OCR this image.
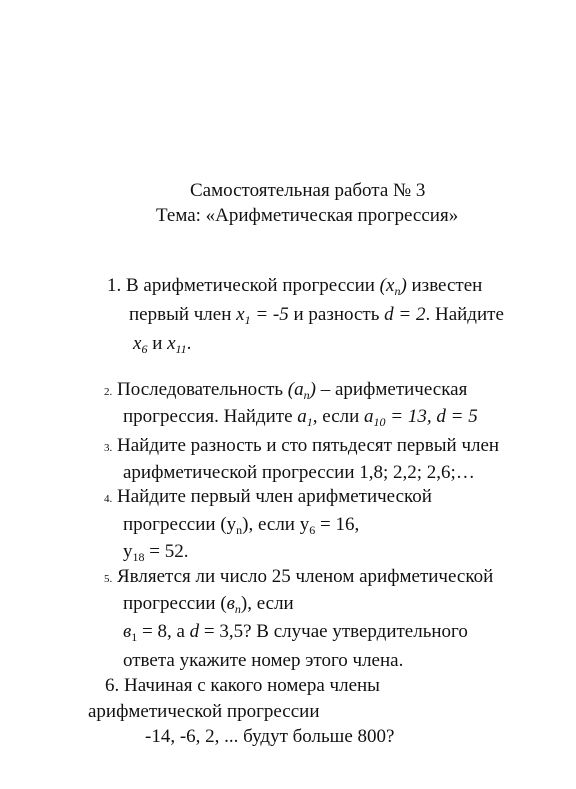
Самостоятельная работа № 3
Тема: «Арифметическая прогрессия»
1. В арифметической прогрессии $(x_n)$ известен
первый член $x_1 = -5$ и разность d = 2. Найдите
$x_6$ и $x_{11}$.
2. Последовательность $(a_n)$ – арифметическая
прогрессия. Найдите $a_1$, если $a_{10} = 13$, d = 5
3. Найдите разность и сто пятьдесят первый член
арифметической прогрессии 1,8; 2,2; 2,6;…
4. Найдите первый член арифметической
прогрессии $(y_n)$, если $y_6 = 16$,
$y_{18} = 52$.
5. Является ли число 25 членом арифметической
прогрессии $(в_n)$, если
$в_1 = 8$, а d = 3,5? В случае утвердительного
ответа укажите номер этого члена.
6. Начиная с какого номера члены
арифметической прогрессии
-14, -6, 2, ... будут больше 800?
